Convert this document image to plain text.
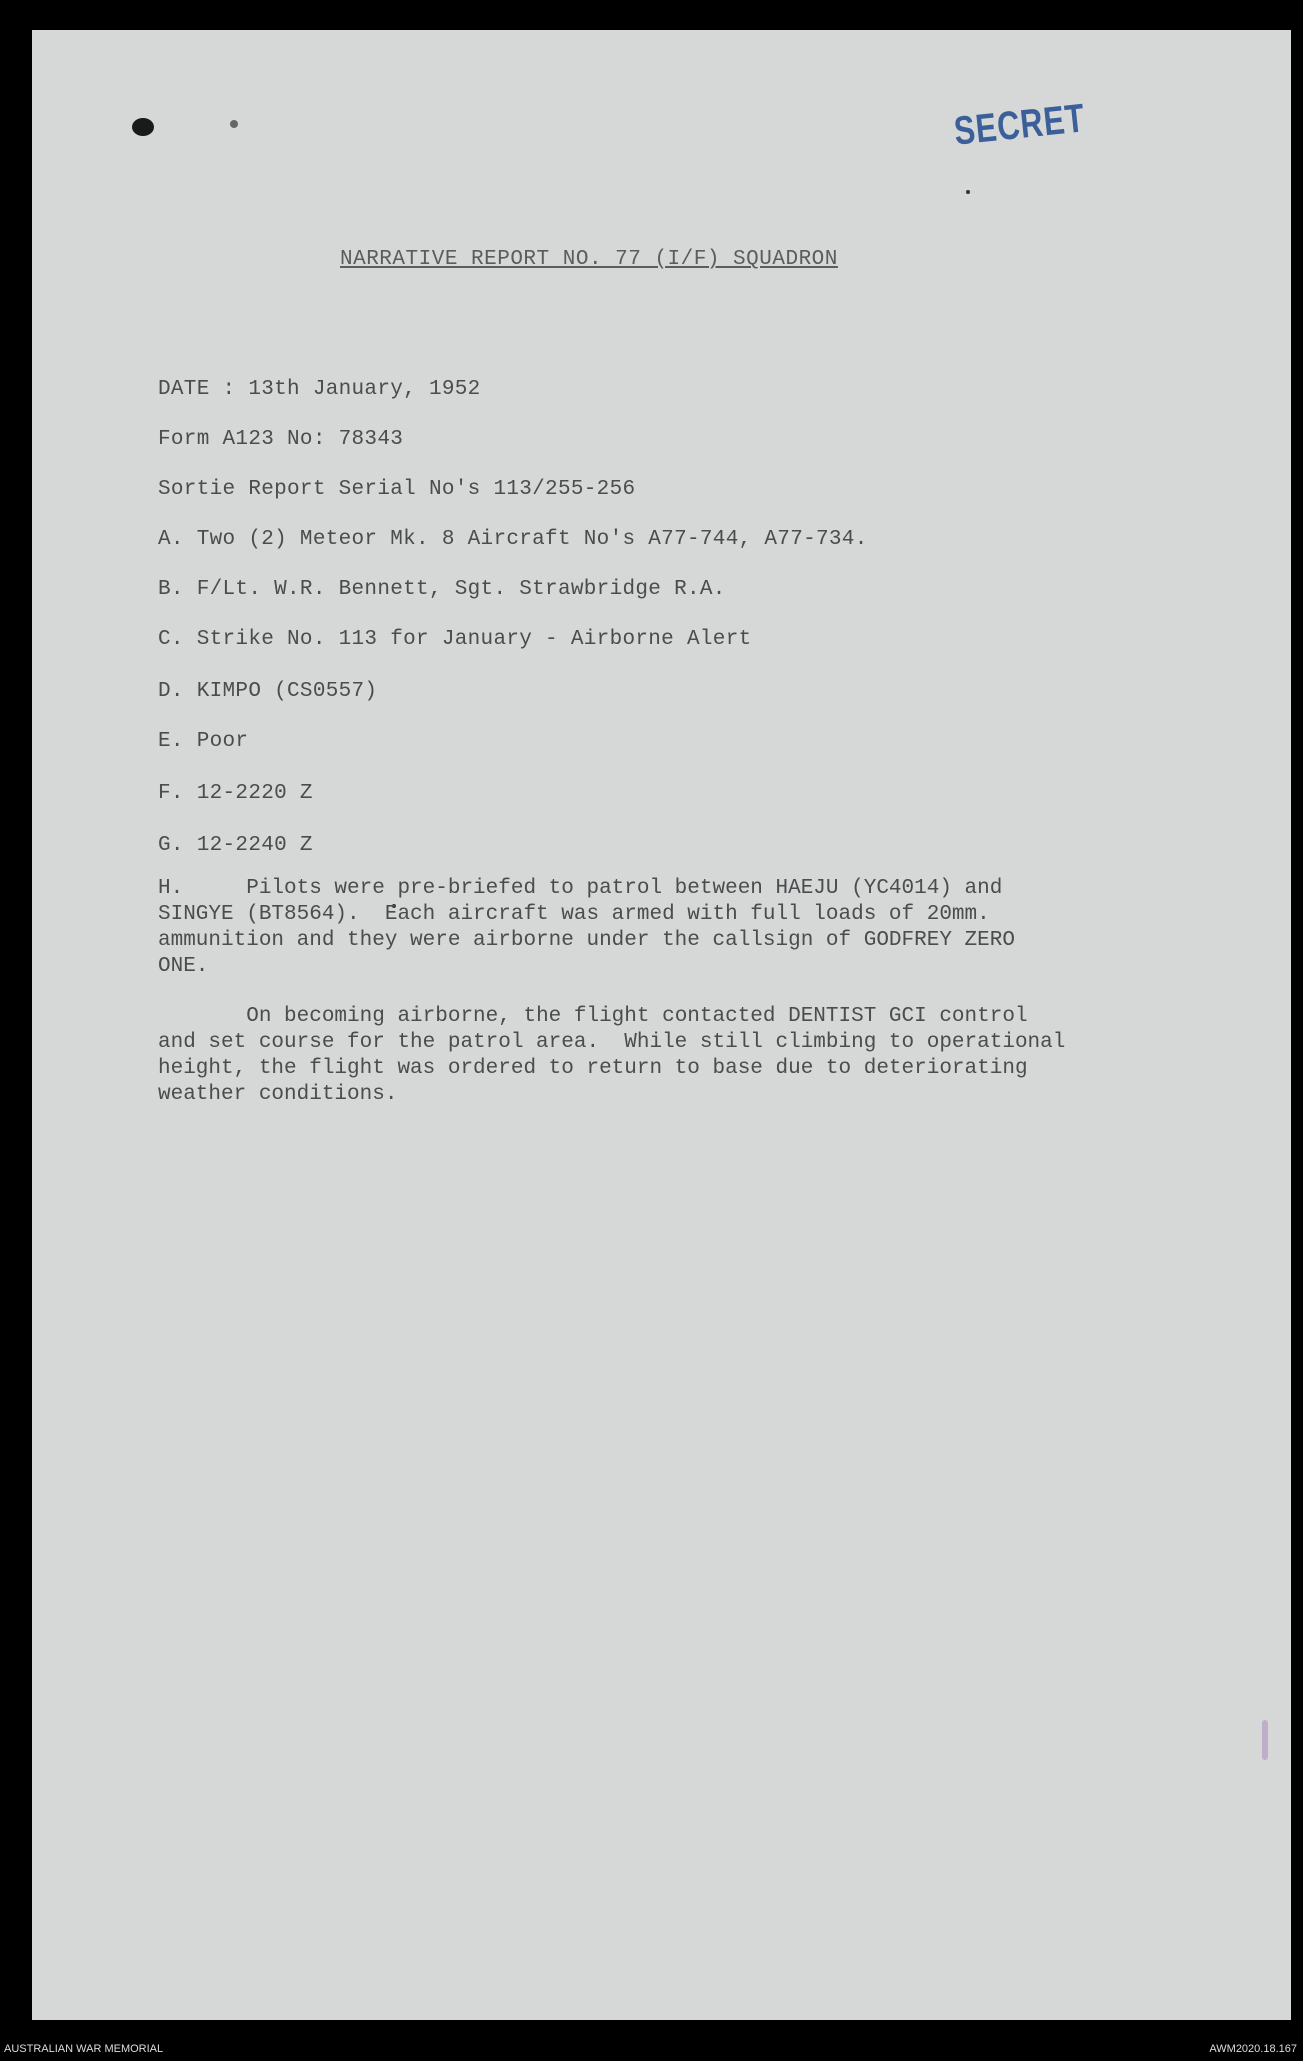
SECRET
NARRATIVE REPORT NO. 77 (I/F) SQUADRON
DATE : 13th January, 1952
Form A123 No: 78343
Sortie Report Serial No's 113/255-256
A. Two (2) Meteor Mk. 8 Aircraft No's A77-744, A77-734.
B. F/Lt. W.R. Bennett, Sgt. Strawbridge R.A.
C. Strike No. 113 for January - Airborne Alert
D. KIMPO (CS0557)
E. Poor
F. 12-2220 Z
G. 12-2240 Z
H.     Pilots were pre-briefed to patrol between HAEJU (YC4014) and
SINGYE (BT8564).  Each aircraft was armed with full loads of 20mm.
ammunition and they were airborne under the callsign of GODFREY ZERO
ONE.
On becoming airborne, the flight contacted DENTIST GCI control
and set course for the patrol area.  While still climbing to operational
height, the flight was ordered to return to base due to deteriorating
weather conditions.
AUSTRALIAN WAR MEMORIAL	AWM2020.18.167
